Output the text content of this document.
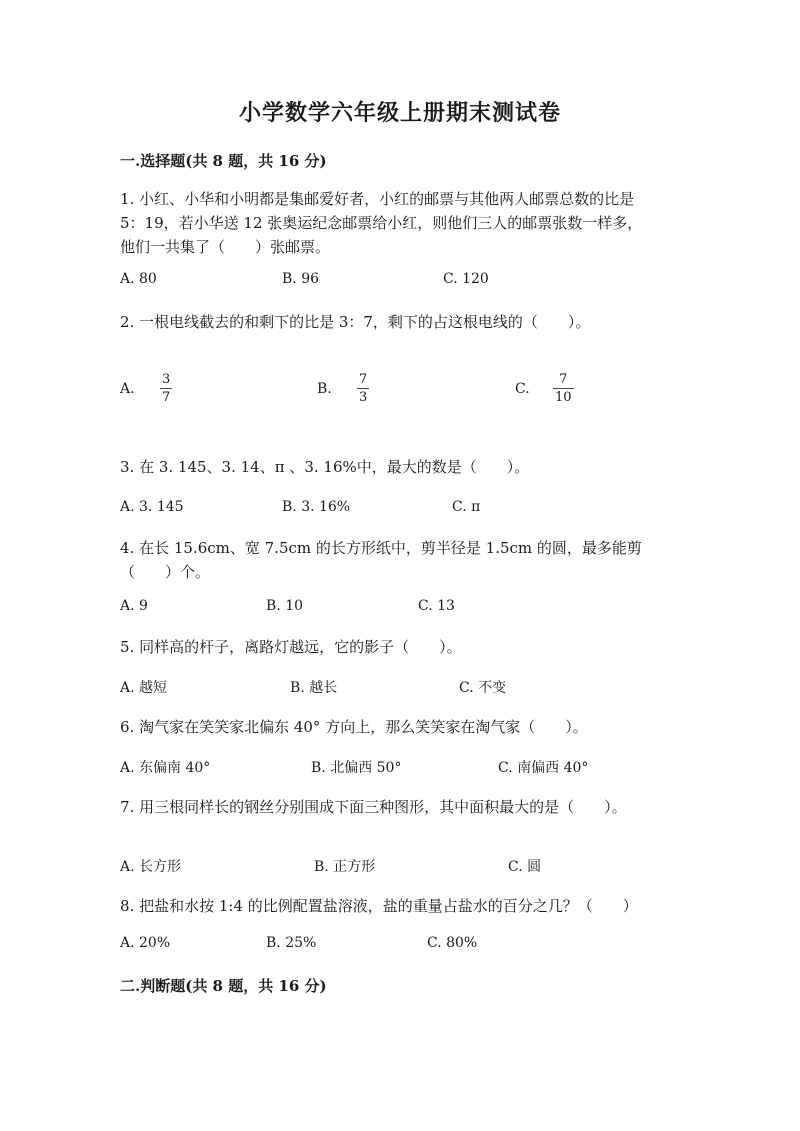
小学数学六年级上册期末测试卷
一.选择题(共 8 题，共 16 分)
1. 小红、小华和小明都是集邮爱好者，小红的邮票与其他两人邮票总数的比是
5：19，若小华送 12 张奥运纪念邮票给小红，则他们三人的邮票张数一样多，
他们一共集了（　　）张邮票。
A. 80	B. 96	C. 120
2. 一根电线截去的和剩下的比是 3：7，剩下的占这根电线的（　　）。
A.
3
7
B.
7
3
C.
7
10
3. 在 3. 145、3. 14、π 、3. 16%中，最大的数是（　　）。
A. 3. 145	B. 3. 16%	C. π
4. 在长 15.6cm、宽 7.5cm 的长方形纸中，剪半径是 1.5cm 的圆，最多能剪
（　　）个。
A. 9	B. 10	C. 13
5. 同样高的杆子，离路灯越远，它的影子（　　）。
A. 越短	B. 越长	C. 不变
6. 淘气家在笑笑家北偏东 40° 方向上，那么笑笑家在淘气家（　　）。
A. 东偏南 40°	B. 北偏西 50°	C. 南偏西 40°
7. 用三根同样长的钢丝分别围成下面三种图形，其中面积最大的是（　　）。
A. 长方形	B. 正方形	C. 圆
8. 把盐和水按 1:4 的比例配置盐溶液，盐的重量占盐水的百分之几？（　　）
A. 20%	B. 25%	C. 80%
二.判断题(共 8 题，共 16 分)
